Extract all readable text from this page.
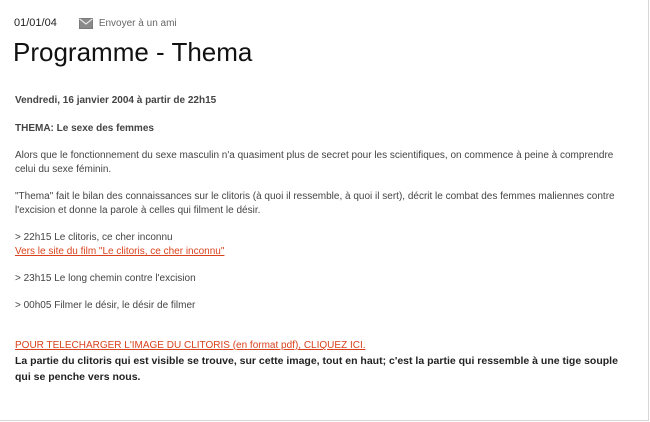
01/01/04	Envoyer à un ami
Programme - Thema

Vendredi, 16 janvier 2004 à partir de 22h15

THEMA: Le sexe des femmes

Alors que le fonctionnement du sexe masculin n'a quasiment plus de secret pour les scientifiques, on commence à peine à comprendre celui du sexe féminin.

"Thema" fait le bilan des connaissances sur le clitoris (à quoi il ressemble, à quoi il sert), décrit le combat des femmes maliennes contre l'excision et donne la parole à celles qui filment le désir.

> 22h15 Le clitoris, ce cher inconnu

Vers le site du film "Le clitoris, ce cher inconnu"

> 23h15 Le long chemin contre l'excision

> 00h05 Filmer le désir, le désir de filmer

POUR TELECHARGER L'IMAGE DU CLITORIS (en format pdf), CLIQUEZ ICI.

La partie du clitoris qui est visible se trouve, sur cette image, tout en haut; c'est la partie qui ressemble à une tige souple qui se penche vers nous.
